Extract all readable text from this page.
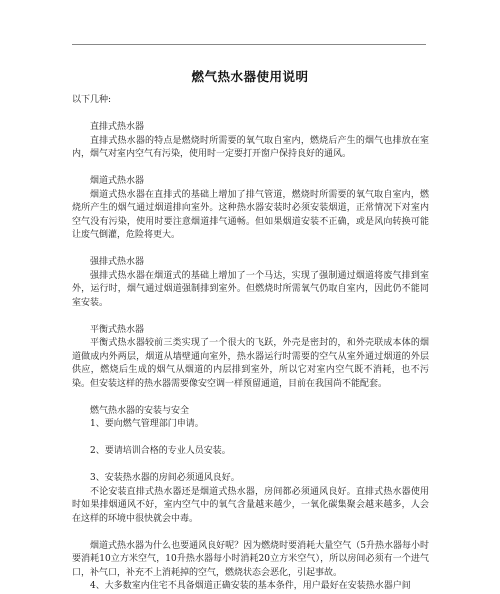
燃气热水器使用说明

以下几种:

直排式热水器

直排式热水器的特点是燃烧时所需要的氧气取自室内，燃烧后产生的烟气也排放在室内，烟气对室内空气有污染，使用时一定要打开窗户保持良好的通风。

烟道式热水器

烟道式热水器在直排式的基础上增加了排气管道，燃烧时所需要的氧气取自室内，燃烧所产生的烟气通过烟道排向室外。这种热水器安装时必须安装烟道，正常情况下对室内空气没有污染，使用时要注意烟道排气通畅。但如果烟道安装不正确，或是风向转换可能让废气倒灌，危险将更大。

强排式热水器

强排式热水器在烟道式的基础上增加了一个马达，实现了强制通过烟道将废气排到室外，运行时，烟气通过烟道强制排到室外。但燃烧时所需氧气仍取自室内，因此仍不能同室安装。

平衡式热水器

平衡式热水器较前三类实现了一个很大的飞跃，外壳是密封的，和外壳联成本体的烟道做成内外两层，烟道从墙壁通向室外，热水器运行时需要的空气从室外通过烟道的外层供应，燃烧后生成的烟气从烟道的内层排到室外，所以它对室内空气既不消耗，也不污染。但安装这样的热水器需要像安空调一样预留通道，目前在我国尚不能配套。

燃气热水器的安装与安全

1、要向燃气管理部门申请。

2、要请培训合格的专业人员安装。

3、安装热水器的房间必须通风良好。

不论安装直排式热水器还是烟道式热水器，房间都必须通风良好。直排式热水器使用时如果排烟通风不好，室内空气中的氧气含量越来越少，一氧化碳集聚会越来越多，人会在这样的环境中很快就会中毒。

烟道式热水器为什么也要通风良好呢？因为燃烧时要消耗大量空气（5升热水器每小时要消耗10立方米空气，10升热水器每小时消耗20立方米空气），所以房间必须有一个进气口，补气口，补充不上消耗掉的空气，燃烧状态会恶化，引起事故。

4、大多数室内住宅不具备烟道正确安装的基本条件，用户最好在安装热水器户间
